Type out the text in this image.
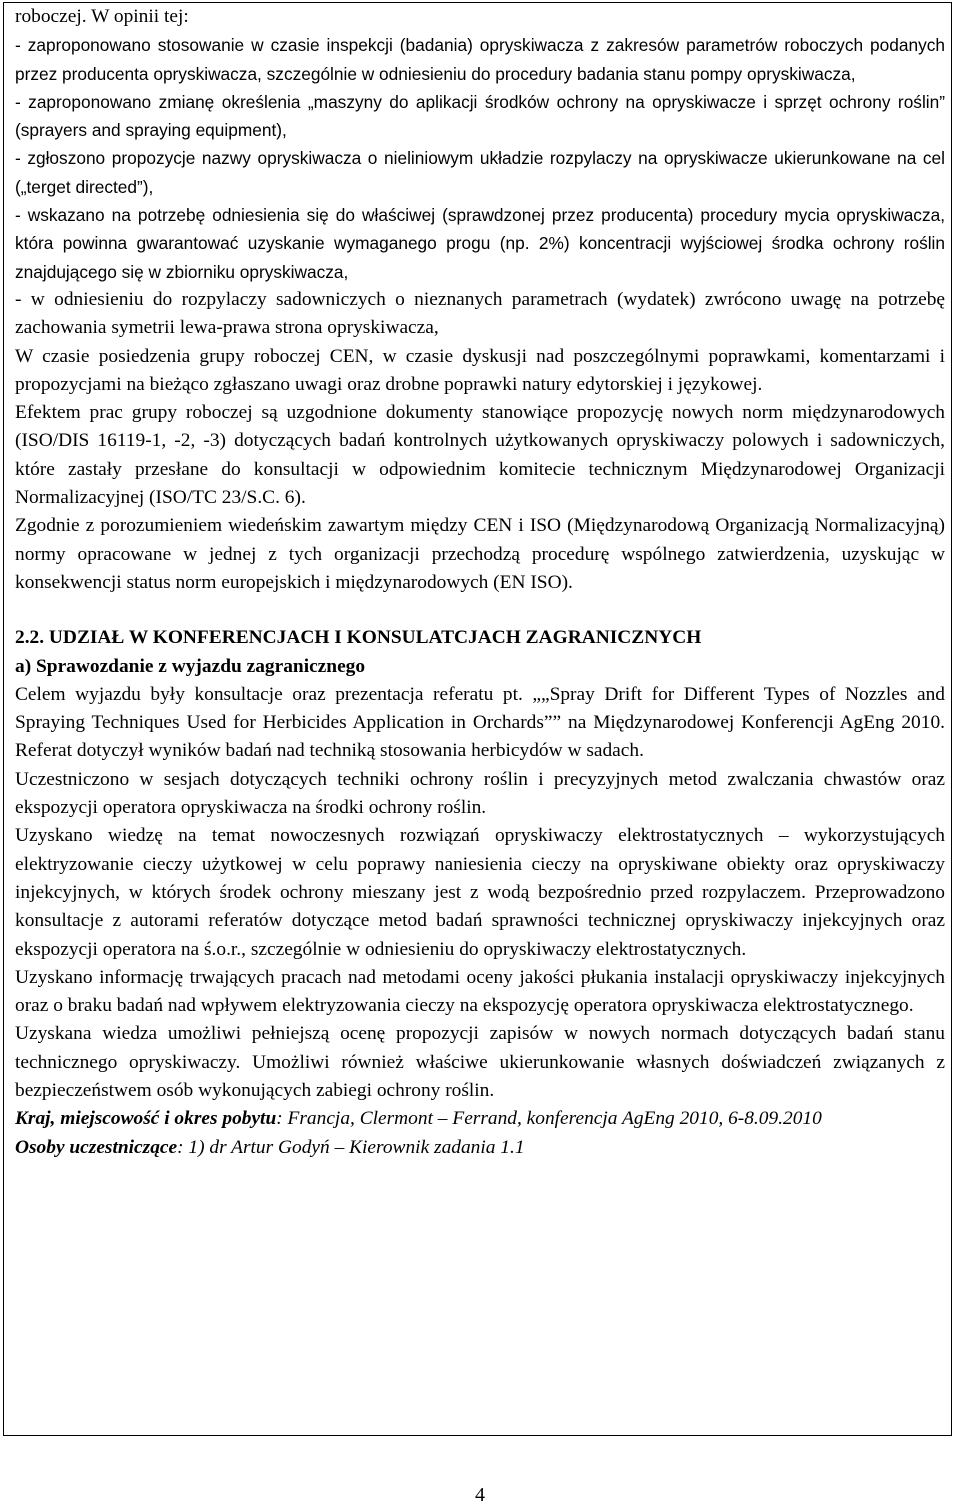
roboczej. W opinii tej:

- zaproponowano stosowanie w czasie inspekcji (badania) opryskiwacza z zakresów parametrów roboczych podanych przez producenta opryskiwacza, szczególnie w odniesieniu do procedury badania stanu pompy opryskiwacza,

- zaproponowano zmianę określenia „maszyny do aplikacji środków ochrony na opryskiwacze i sprzęt ochrony roślin” (sprayers and spraying equipment),

- zgłoszono propozycje nazwy opryskiwacza o nieliniowym układzie rozpylaczy na opryskiwacze ukierunkowane na cel („terget directed”),

- wskazano na potrzebę odniesienia się do właściwej (sprawdzonej przez producenta) procedury mycia opryskiwacza, która powinna gwarantować uzyskanie wymaganego progu (np. 2%) koncentracji wyjściowej środka ochrony roślin znajdującego się w zbiorniku opryskiwacza,

- w odniesieniu do rozpylaczy sadowniczych o nieznanych parametrach (wydatek) zwrócono uwagę na potrzebę zachowania symetrii lewa-prawa strona opryskiwacza,

W czasie posiedzenia grupy roboczej CEN, w czasie dyskusji nad poszczególnymi poprawkami, komentarzami i propozycjami na bieżąco zgłaszano uwagi oraz drobne poprawki natury edytorskiej i językowej.

Efektem prac grupy roboczej są uzgodnione dokumenty stanowiące propozycję nowych norm międzynarodowych (ISO/DIS 16119-1, -2, -3) dotyczących badań kontrolnych użytkowanych opryskiwaczy polowych i sadowniczych, które zastały przesłane do konsultacji w odpowiednim komitecie technicznym Międzynarodowej Organizacji Normalizacyjnej (ISO/TC 23/S.C. 6).

Zgodnie z porozumieniem wiedeńskim zawartym między CEN i ISO (Międzynarodową Organizacją Normalizacyjną) normy opracowane w jednej z tych organizacji przechodzą procedurę wspólnego zatwierdzenia, uzyskując w konsekwencji status norm europejskich i międzynarodowych (EN ISO).

2.2. UDZIAŁ W KONFERENCJACH I KONSULATCJACH ZAGRANICZNYCH

a) Sprawozdanie z wyjazdu zagranicznego

Celem wyjazdu były konsultacje oraz prezentacja referatu pt. „„Spray Drift for Different Types of Nozzles and Spraying Techniques Used for Herbicides Application in Orchards”” na Międzynarodowej Konferencji AgEng 2010. Referat dotyczył wyników badań nad techniką stosowania herbicydów w sadach.

Uczestniczono w sesjach dotyczących techniki ochrony roślin i precyzyjnych metod zwalczania chwastów oraz ekspozycji operatora opryskiwacza na środki ochrony roślin.

Uzyskano wiedzę na temat nowoczesnych rozwiązań opryskiwaczy elektrostatycznych – wykorzystujących elektryzowanie cieczy użytkowej w celu poprawy naniesienia cieczy na opryskiwane obiekty oraz opryskiwaczy injekcyjnych, w których środek ochrony mieszany jest z wodą bezpośrednio przed rozpylaczem. Przeprowadzono konsultacje z autorami referatów dotyczące metod badań sprawności technicznej opryskiwaczy injekcyjnych oraz ekspozycji operatora na ś.o.r., szczególnie w odniesieniu do opryskiwaczy elektrostatycznych.

Uzyskano informację trwających pracach nad metodami oceny jakości płukania instalacji opryskiwaczy injekcyjnych oraz o braku badań nad wpływem elektryzowania cieczy na ekspozycję operatora opryskiwacza elektrostatycznego.

Uzyskana wiedza umożliwi pełniejszą ocenę propozycji zapisów w nowych normach dotyczących badań stanu technicznego opryskiwaczy. Umożliwi również właściwe ukierunkowanie własnych doświadczeń związanych z bezpieczeństwem osób wykonujących zabiegi ochrony roślin.

Kraj, miejscowość i okres pobytu: Francja, Clermont – Ferrand, konferencja AgEng 2010, 6-8.09.2010

Osoby uczestniczące: 1) dr Artur Godyń – Kierownik zadania 1.1

4
